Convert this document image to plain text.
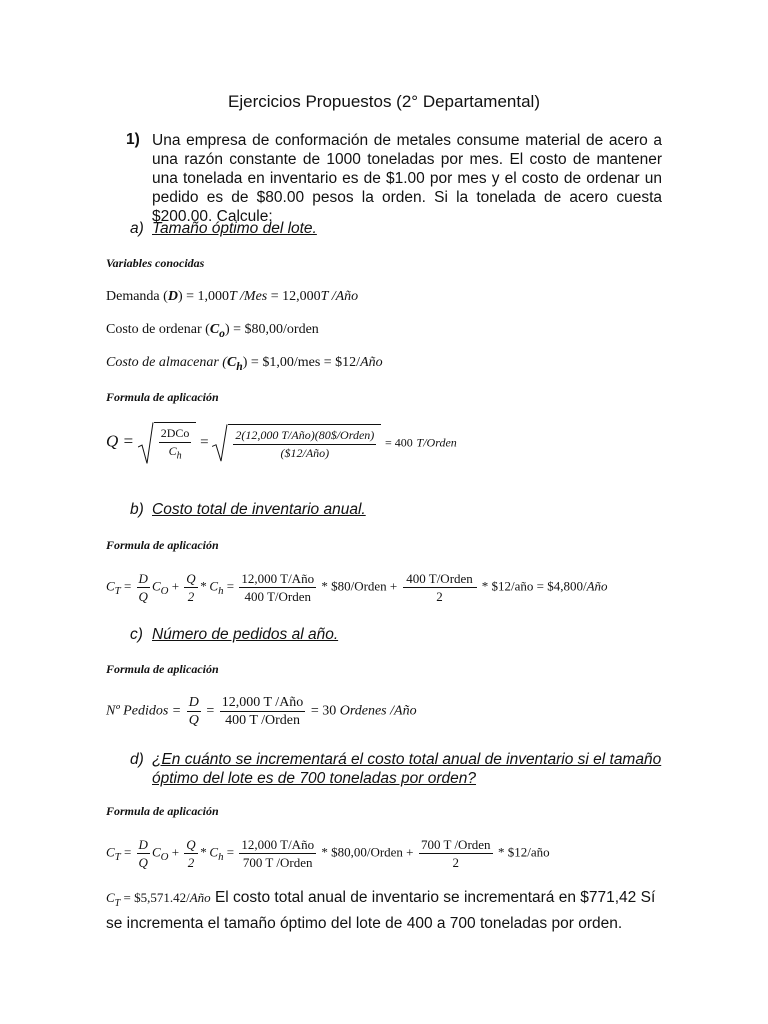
Ejercicios Propuestos (2° Departamental)
1) Una empresa de conformación de metales consume material de acero a una razón constante de 1000 toneladas por mes. El costo de mantener una tonelada en inventario es de $1.00 por mes y el costo de ordenar un pedido es de $80.00 pesos la orden. Si la tonelada de acero cuesta $200.00. Calcule:
a) Tamaño óptimo del lote.
Variables conocidas
Demanda (D) = 1,000T /Mes = 12,000T /Año
Costo de ordenar $(C_o)$ = $80,00/orden
Costo de almacenar $(C_h)$ = $1,00/mes = $12/Año
Formula de aplicación
$Q = \frac{\text{2DCo}}{C_h} = \frac{\text{2(12,000 T/Año)(80\$/Orden)}}{\text{(\$12/Año)}} = 400$ T/Orden
b) Costo total de inventario anual.
Formula de aplicación
$C_T = \frac{D}{Q} C_O + \frac{Q}{2} * C_h = \frac{\text{12,000 T/Año}}{\text{400 T/Orden}}$ * $80/Orden + $\frac{\text{400 T/Orden}}{2}$ * $12/año = $4,800/Año
c) Número de pedidos al año.
Formula de aplicación
Nº Pedidos = $\frac{D}{Q} = \frac{\text{12,000 T /Año}}{\text{400 T /Orden}} = 30$ Ordenes /Año
d) ¿En cuánto se incrementará el costo total anual de inventario si el tamaño
óptimo del lote es de 700 toneladas por orden?
Formula de aplicación
$C_T = \frac{D}{Q} C_O + \frac{Q}{2} * C_h = \frac{\text{12,000 T/Año}}{\text{700 T /Orden}}$ * $80,00/Orden + $\frac{\text{700 T /Orden}}{2}$ * $12/año
$C_T$ = $5,571.42/Año El costo total anual de inventario se incrementará en $771,42 Sí se incrementa el tamaño óptimo del lote de 400 a 700 toneladas por orden.
